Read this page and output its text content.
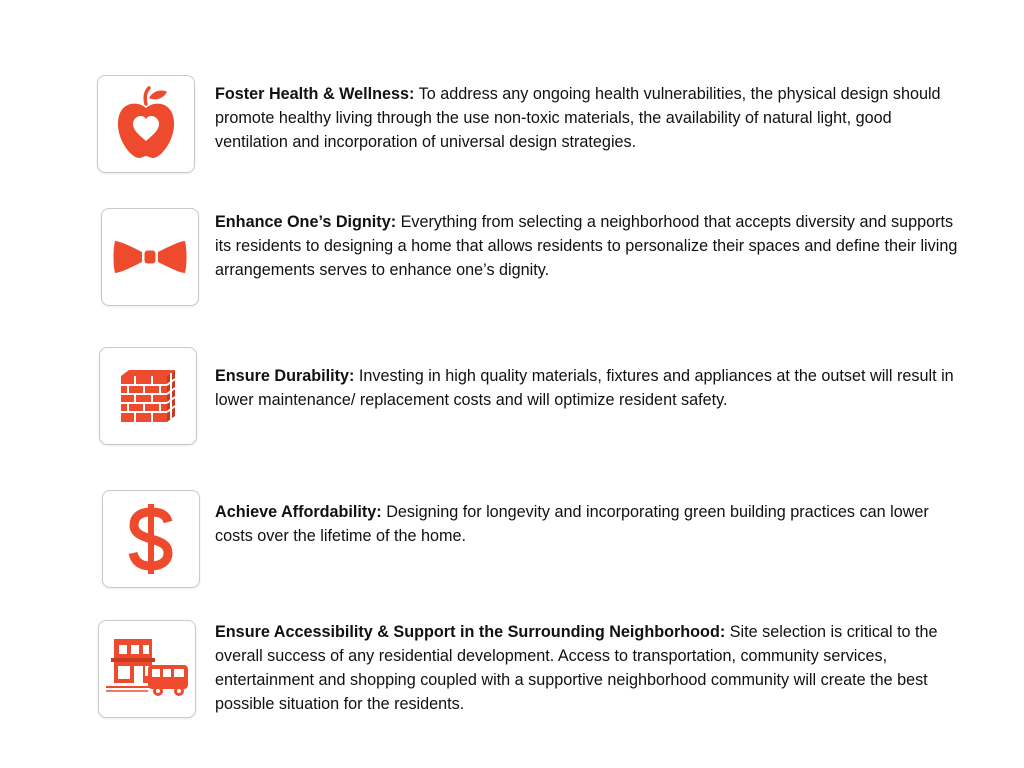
Foster Health & Wellness: To address any ongoing health vulnerabilities, the physical design should promote healthy living through the use non-toxic materials, the availability of natural light, good ventilation and incorporation of universal design strategies.

Enhance One’s Dignity: Everything from selecting a neighborhood that accepts diversity and supports its residents to designing a home that allows residents to personalize their spaces and define their living arrangements serves to enhance one’s dignity.

Ensure Durability: Investing in high quality materials, fixtures and appliances at the outset will result in lower maintenance/ replacement costs and will optimize resident safety.

Achieve Affordability: Designing for longevity and incorporating green building practices can lower costs over the lifetime of the home.

Ensure Accessibility & Support in the Surrounding Neighborhood: Site selection is critical to the overall success of any residential development. Access to transportation, community services, entertainment and shopping coupled with a supportive neighborhood community will create the best possible situation for the residents.
